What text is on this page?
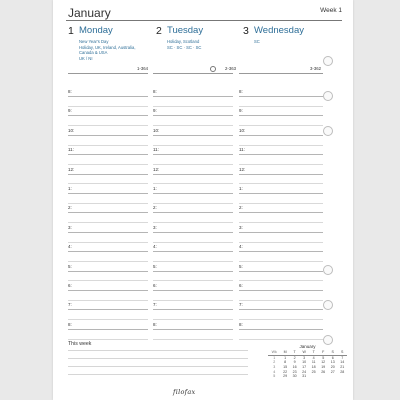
January	Week 1
1 Monday
New Year's Day
Holiday, UK, Ireland, Australia,
Canada & USA
UK / NI
2 Tuesday
Holiday, Scotland
SC · SC · SC · SC
3 Wednesday
SC
1-364	2-363	3-362
8:	8:	8:
9:	9:	9:
10:	10:	10:
11:	11:	11:
12:	12:	12:
1:	1:	1:
2:	2:	2:
3:	3:	3:
4:	4:	4:
5:	5:	5:
6:	6:	6:
7:	7:	7:
8:	8:	8:
This week	January
Wk	M	T	W	T	F	S	S
1	1	2	3	4	5	6	7
2	8	9	10	11	12	13	14
3	15	16	17	18	19	20	21
4	22	23	24	25	26	27	28
5	29	30	31				
filofax
